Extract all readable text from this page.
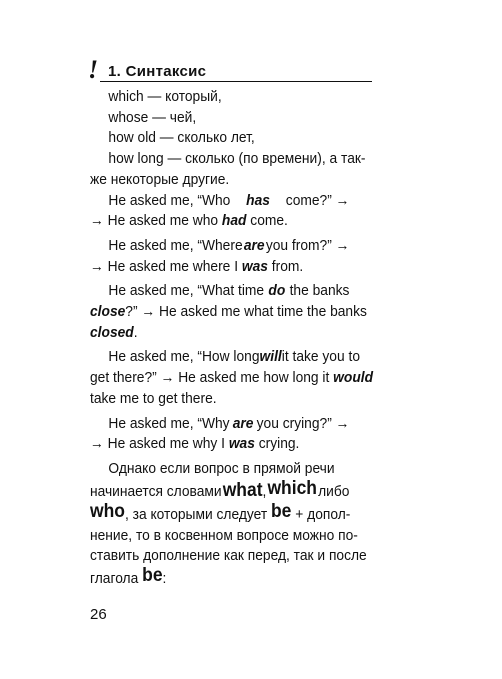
! 1. Синтаксис
which — который,
whose — чей,
how old — сколько лет,
how long — сколько (по времени), а так-
же некоторые другие.
He asked me, “Who has come?” →
→ He asked me who
had
come.
He asked me, “Where are you from?” →
→ He asked me where I
was
from.
He asked me, “What time do the banks
close ?” → He asked me what time the banks
closed .
He asked me, “How long will it take you to
get there?” → He asked me how long it
would
take me to get there.
He asked me, “Why are you crying?” →
→ He asked me why I
was
crying.
Однако если вопрос в прямой речи
начинается словами what, which либо
who , за которыми следует
be
+ допол-
нение, то в косвенном вопросе можно по-
ставить дополнение как перед, так и после
глагола
be :
26
